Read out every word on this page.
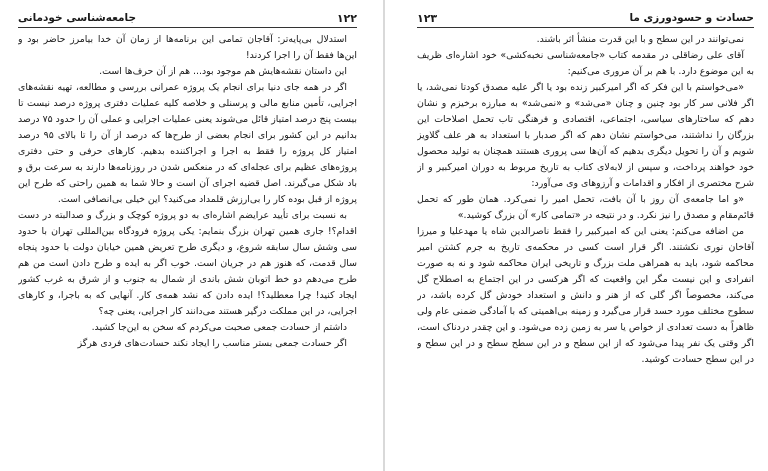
۱۲۲
جامعه‌شناسی خودمانی

استدلال بی‌پایه‌تر: آقاجان تمامی این برنامه‌ها از زمان آن خدا بیامرز حاضر بود و این‌ها فقط آن را اجرا کردند!

این داستان نقشه‌هایش هم موجود بود... هم از آن حرف‌ها است.

اگر در همه جای دنیا برای انجام یک پروژه عمرانی بررسی و مطالعه، تهیه نقشه‌های اجرایی، تأمین منابع مالی و پرسنلی و خلاصه کلیه عملیات دفتری پروژه درصد نیست تا بیست پنج درصد امتیاز قائل می‌شوند یعنی عملیات اجرایی و عملی آن را حدود ۷۵ درصد بدانیم در این کشور برای انجام بعضی از طرح‌ها که درصد از آن را تا بالای ۹۵ درصد امتیاز کل پروژه را فقط به اجرا و اجرا‌کننده بدهیم. کارهای حرفی و حتی دفتری پروژه‌های عظیم برای عجله‌ای که در منعکس شدن در روزنامه‌ها دارند به سرعت برق و باد شکل می‌گیرند. اصل قضیه اجرای آن است و حالا شما به همین راحتی که طرح این پروژه از قبل بوده کار را بی‌ارزش قلمداد می‌کنید؟ این خیلی بی‌انصافی است.

به نسبت برای تأیید عرایضم اشاره‌ای به دو پروژه کوچک و بزرگ و صدالبته در دست اقدام؟! جاری همین تهران بزرگ بنمایم: یکی پروژه فرودگاه بین‌المللی تهران با حدود سی وشش سال سابقه شروع، و دیگری طرح تعریض همین خیابان دولت با حدود پنجاه سال قدمت، که هنوز هم در جریان است. خوب اگر به ایده و طرح دادن است من هم طرح می‌دهم دو خط اتوبان شش باندی از شمال به جنوب و از شرق به غرب کشور ایجاد کنید! چرا معطلید؟! ایده دادن که نشد همه‌ی کار. آنهایی که به باجرا، و کارهای اجرایی، در این مملکت درگیر هستند می‌دانند کار اجرایی، یعنی چه؟

داشتم از حسادت جمعی صحبت می‌کردم که سخن به این‌جا کشید.

اگر حسادت جمعی بستر مناسب را ایجاد نکند حسادت‌های فردی هرگز

حسادت و حسودورزی ما
۱۲۳

نمی‌توانند در این سطح و با این قدرت منشأ اثر باشند.

آقای علی رضاقلی در مقدمه کتاب «جامعه‌شناسی نخبه‌کشی» خود اشاره‌ای ظریف به این موضوع دارد. با هم بر آن مروری می‌کنیم:

«می‌خواستم با این فکر که اگر امیرکبیر زنده بود یا اگر علیه مصدق کودتا نمی‌شد، یا اگر فلانی سر کار بود چنین و چنان «می‌شد» و «نمی‌شد» به مبارزه برخیزم و نشان دهم که ساختارهای سیاسی، اجتماعی، اقتصادی و فرهنگی تاب تحمل اصلاحات این بزرگان را نداشتند، می‌خواستم نشان دهم که اگر صدبار با استعداد به هر علف گلاویز شویم و آن را تحویل دیگری بدهیم که آن‌ها سی پروری هستند همچنان به تولید محصول خود خواهند پرداخت، و سپس از لابه‌لای کتاب به تاریخ مربوط به دوران امیرکبیر و از شرح مختصری از افکار و اقدامات و آرزوهای وی می‌آورد:

«و اما جامعه‌ی آن روز با آن بافت، تحمل امیر را نمی‌کرد. همان طور که تحمل قائم‌مقام و مصدق را نیز نکرد. و در نتیجه در «تمامی کار» آن بزرگ کوشید.»

من اضافه می‌کنم: یعنی این که امیرکبیر را فقط ناصرالدین شاه یا مهدعلیا و میرزا آقاخان نوری نکشتند. اگر قرار است کسی در محکمه‌ی تاریخ به جرم کشتن امیر محاکمه شود، باید به همراهی ملت بزرگ و تاریخی ایران محاکمه شود و نه به صورت انفرادی و این نیست مگر این واقعیت که اگر هرکسی در این اجتماع به اصطلاح گل می‌کند، مخصوصاً اگر گلی که از هنر و دانش و استعداد خودش گل کرده باشد، در سطوح مختلف مورد حسد قرار می‌گیرد و زمینه بی‌اهمیتی که با آمادگی ضمنی عام ولی ظاهراً به دست تعدادی از خواص یا سر به زمین زده می‌شود. و این چقدر دردناک است، اگر وقتی یک نفر پیدا می‌شود که از این سطح و در این سطح سطح و در این سطح و در این سطح حسادت کوشید.
